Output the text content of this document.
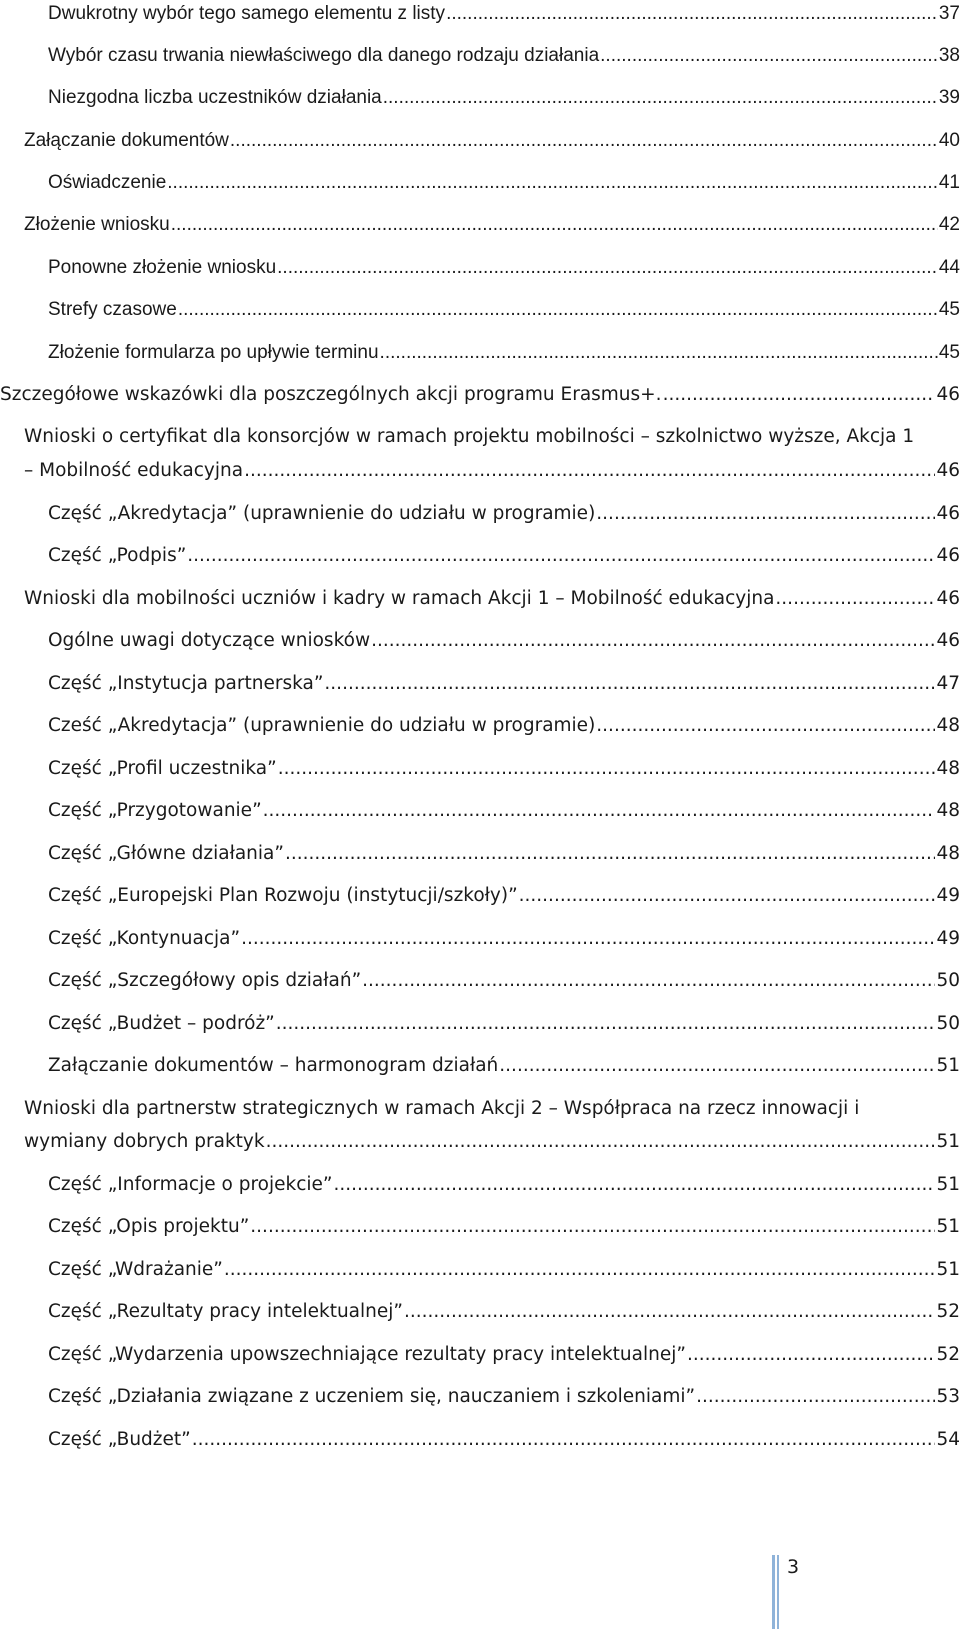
Dwukrotny wybór tego samego elementu z listy .....	37
Wybór czasu trwania niewłaściwego dla danego rodzaju działania .....	38
Niezgodna liczba uczestników działania .....	39
Załączanie dokumentów .....	40
Oświadczenie .....	41
Złożenie wniosku .....	42
Ponowne złożenie wniosku .....	44
Strefy czasowe .....	45
Złożenie formularza po upływie terminu .....	45
Szczegółowe wskazówki dla poszczególnych akcji programu Erasmus+. .....	46
Wnioski o certyfikat dla konsorcjów w ramach projektu mobilności – szkolnictwo wyższe, Akcja 1
– Mobilność edukacyjna .....	46
Część „Akredytacja” (uprawnienie do udziału w programie) .....	46
Część „Podpis” .....	46
Wnioski dla mobilności uczniów i kadry w ramach Akcji 1 – Mobilność edukacyjna .....	46
Ogólne uwagi dotyczące wniosków .....	46
Część „Instytucja partnerska” .....	47
Cześć „Akredytacja” (uprawnienie do udziału w programie) .....	48
Część „Profil uczestnika” .....	48
Część „Przygotowanie” .....	48
Część „Główne działania” .....	48
Część „Europejski Plan Rozwoju (instytucji/szkoły)” .....	49
Część „Kontynuacja” .....	49
Część „Szczegółowy opis działań” .....	50
Część „Budżet – podróż” .....	50
Załączanie dokumentów – harmonogram działań .....	51
Wnioski dla partnerstw strategicznych w ramach Akcji 2 – Współpraca na rzecz innowacji i
wymiany dobrych praktyk .....	51
Część „Informacje o projekcie” .....	51
Część „Opis projektu” .....	51
Część „Wdrażanie” .....	51
Część „Rezultaty pracy intelektualnej” .....	52
Część „Wydarzenia upowszechniające rezultaty pracy intelektualnej” .....	52
Część „Działania związane z uczeniem się, nauczaniem i szkoleniami” .....	53
Część „Budżet” .....	54
3
